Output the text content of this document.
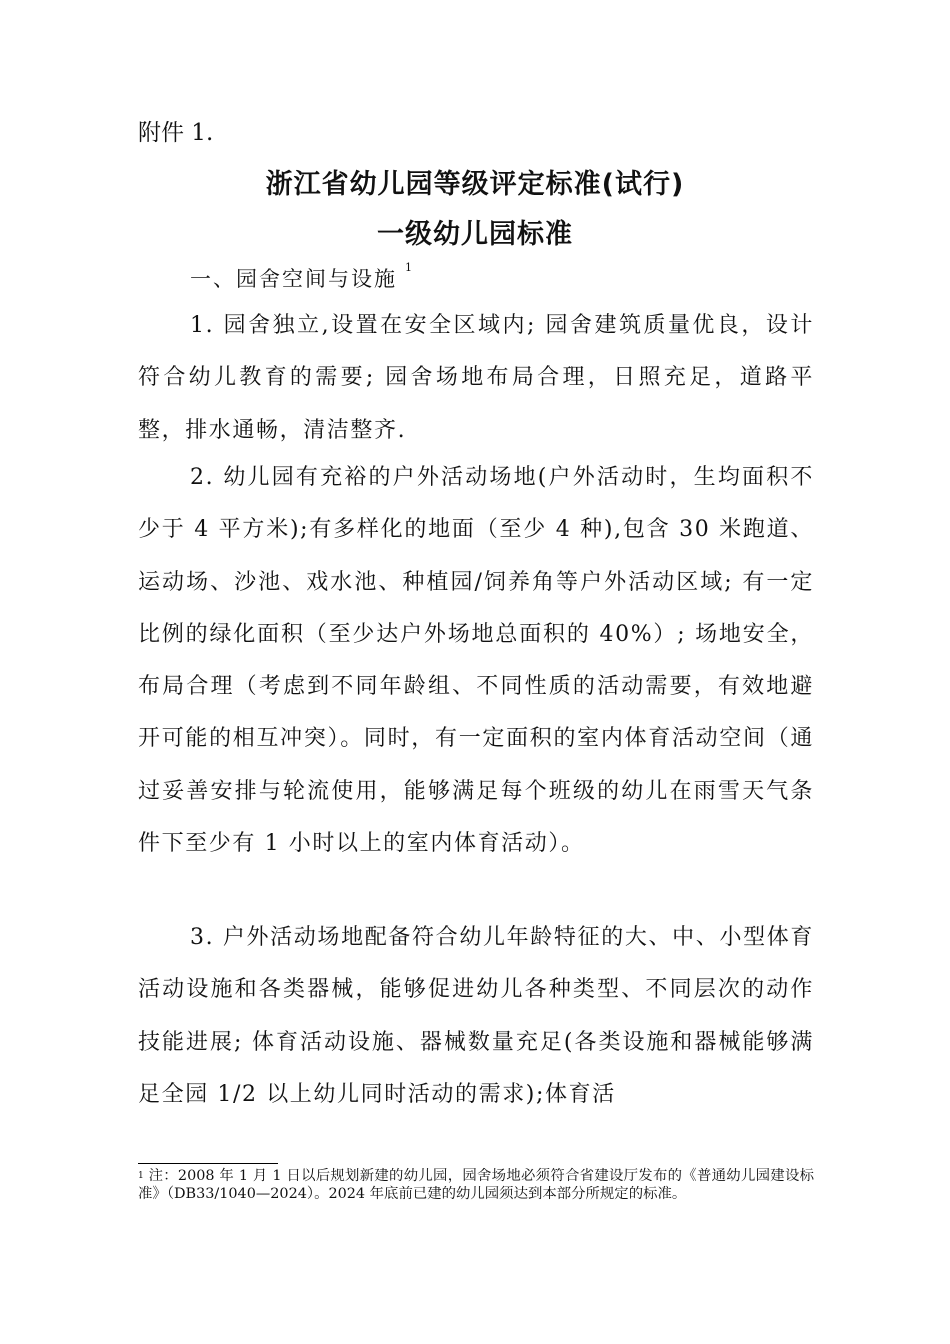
附件 1.
浙江省幼儿园等级评定标准(试行)
一级幼儿园标准
一、园舍空间与设施 $^1$
1. 园舍独立,设置在安全区域内; 园舍建筑质量优良，设计符合幼儿教育的需要; 园舍场地布局合理，日照充足，道路平整，排水通畅，清洁整齐.
2. 幼儿园有充裕的户外活动场地(户外活动时，生均面积不少于 4 平方米);有多样化的地面（至少 4 种),包含 30 米跑道、运动场、沙池、戏水池、种植园/饲养角等户外活动区域; 有一定比例的绿化面积（至少达户外场地总面积的 40%）; 场地安全，布局合理（考虑到不同年龄组、不同性质的活动需要，有效地避开可能的相互冲突）。同时，有一定面积的室内体育活动空间（通过妥善安排与轮流使用，能够满足每个班级的幼儿在雨雪天气条件下至少有 1 小时以上的室内体育活动）。
3. 户外活动场地配备符合幼儿年龄特征的大、中、小型体育活动设施和各类器械，能够促进幼儿各种类型、不同层次的动作技能进展; 体育活动设施、器械数量充足(各类设施和器械能够满足全园 1/2 以上幼儿同时活动的需求);体育活
$^1$ 注：2008 年 1 月 1 日以后规划新建的幼儿园，园舍场地必须符合省建设厅发布的《普通幼儿园建设标准》（DB33/1040—2024）。2024 年底前已建的幼儿园须达到本部分所规定的标准。
